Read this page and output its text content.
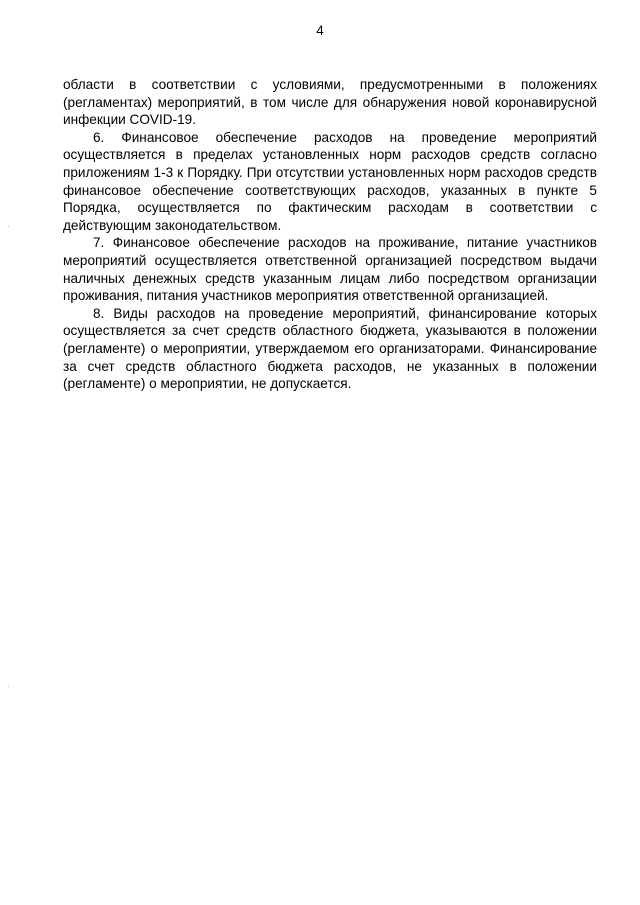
4

области в соответствии с условиями, предусмотренными в положениях (регламентах) мероприятий, в том числе для обнаружения новой коронавирусной инфекции COVID-19.

6. Финансовое обеспечение расходов на проведение мероприятий осуществляется в пределах установленных норм расходов средств согласно приложениям 1-3 к Порядку. При отсутствии установленных норм расходов средств финансовое обеспечение соответствующих расходов, указанных в пункте 5 Порядка, осуществляется по фактическим расходам в соответствии с действующим законодательством.

7. Финансовое обеспечение расходов на проживание, питание участников мероприятий осуществляется ответственной организацией посредством выдачи наличных денежных средств указанным лицам либо посредством организации проживания, питания участников мероприятия ответственной организацией.

8. Виды расходов на проведение мероприятий, финансирование которых осуществляется за счет средств областного бюджета, указываются в положении (регламенте) о мероприятии, утверждаемом его организаторами. Финансирование за счет средств областного бюджета расходов, не указанных в положении (регламенте) о мероприятии, не допускается.
